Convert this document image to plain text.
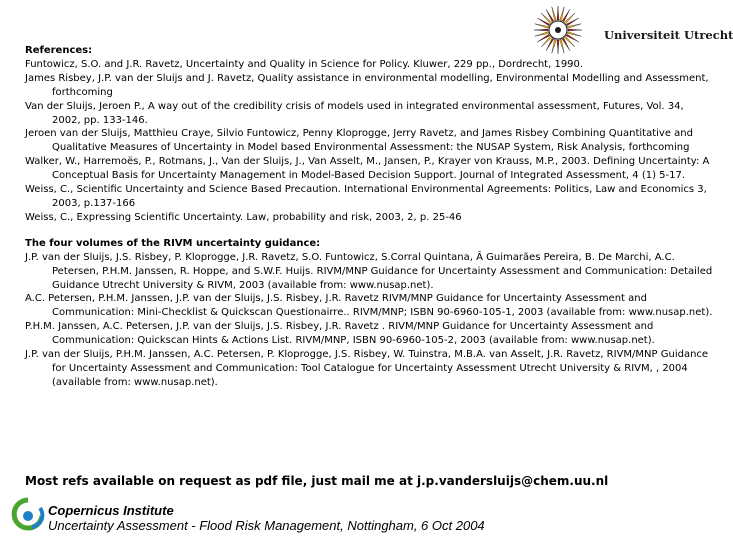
Universiteit Utrecht

References:

Funtowicz, S.O. and J.R. Ravetz, Uncertainty and Quality in Science for Policy. Kluwer, 229 pp., Dordrecht, 1990.

James Risbey, J.P. van der Sluijs and J. Ravetz, Quality assistance in environmental modelling, Environmental Modelling and Assessment, forthcoming

Van der Sluijs, Jeroen P., A way out of the credibility crisis of models used in integrated environmental assessment, Futures, Vol. 34, 2002, pp. 133-146.

Jeroen van der Sluijs, Matthieu Craye, Silvio Funtowicz, Penny Kloprogge, Jerry Ravetz, and James Risbey Combining Quantitative and Qualitative Measures of Uncertainty in Model based Environmental Assessment: the NUSAP System, Risk Analysis, forthcoming

Walker, W., Harremoës, P., Rotmans, J., Van der Sluijs, J., Van Asselt, M., Jansen, P., Krayer von Krauss, M.P., 2003. Defining Uncertainty: A Conceptual Basis for Uncertainty Management in Model-Based Decision Support. Journal of Integrated Assessment, 4 (1) 5-17.

Weiss, C., Scientific Uncertainty and Science Based Precaution. International Environmental Agreements: Politics, Law and Economics 3, 2003, p.137-166

Weiss, C., Expressing Scientific Uncertainty. Law, probability and risk, 2003, 2, p. 25-46

The four volumes of the RIVM uncertainty guidance:

J.P. van der Sluijs, J.S. Risbey, P. Kloprogge, J.R. Ravetz, S.O. Funtowicz, S.Corral Quintana, Â Guimarães Pereira, B. De Marchi, A.C. Petersen, P.H.M. Janssen, R. Hoppe, and S.W.F. Huijs. RIVM/MNP Guidance for Uncertainty Assessment and Communication: Detailed Guidance Utrecht University & RIVM, 2003 (available from: www.nusap.net).

A.C. Petersen, P.H.M. Janssen, J.P. van der Sluijs, J.S. Risbey, J.R. Ravetz RIVM/MNP Guidance for Uncertainty Assessment and Communication: Mini-Checklist & Quickscan Questionairre.. RIVM/MNP; ISBN 90-6960-105-1, 2003 (available from: www.nusap.net).

P.H.M. Janssen, A.C. Petersen, J.P. van der Sluijs, J.S. Risbey, J.R. Ravetz . RIVM/MNP Guidance for Uncertainty Assessment and Communication: Quickscan Hints & Actions List. RIVM/MNP, ISBN 90-6960-105-2, 2003 (available from: www.nusap.net).

J.P. van der Sluijs, P.H.M. Janssen, A.C. Petersen, P. Kloprogge, J.S. Risbey, W. Tuinstra, M.B.A. van Asselt, J.R. Ravetz, RIVM/MNP Guidance for Uncertainty Assessment and Communication: Tool Catalogue for Uncertainty Assessment Utrecht University & RIVM, , 2004 (available from: www.nusap.net).

Most refs available on request as pdf file, just mail me at j.p.vandersluijs@chem.uu.nl
Copernicus Institute
Uncertainty Assessment - Flood Risk Management, Nottingham, 6 Oct 2004
